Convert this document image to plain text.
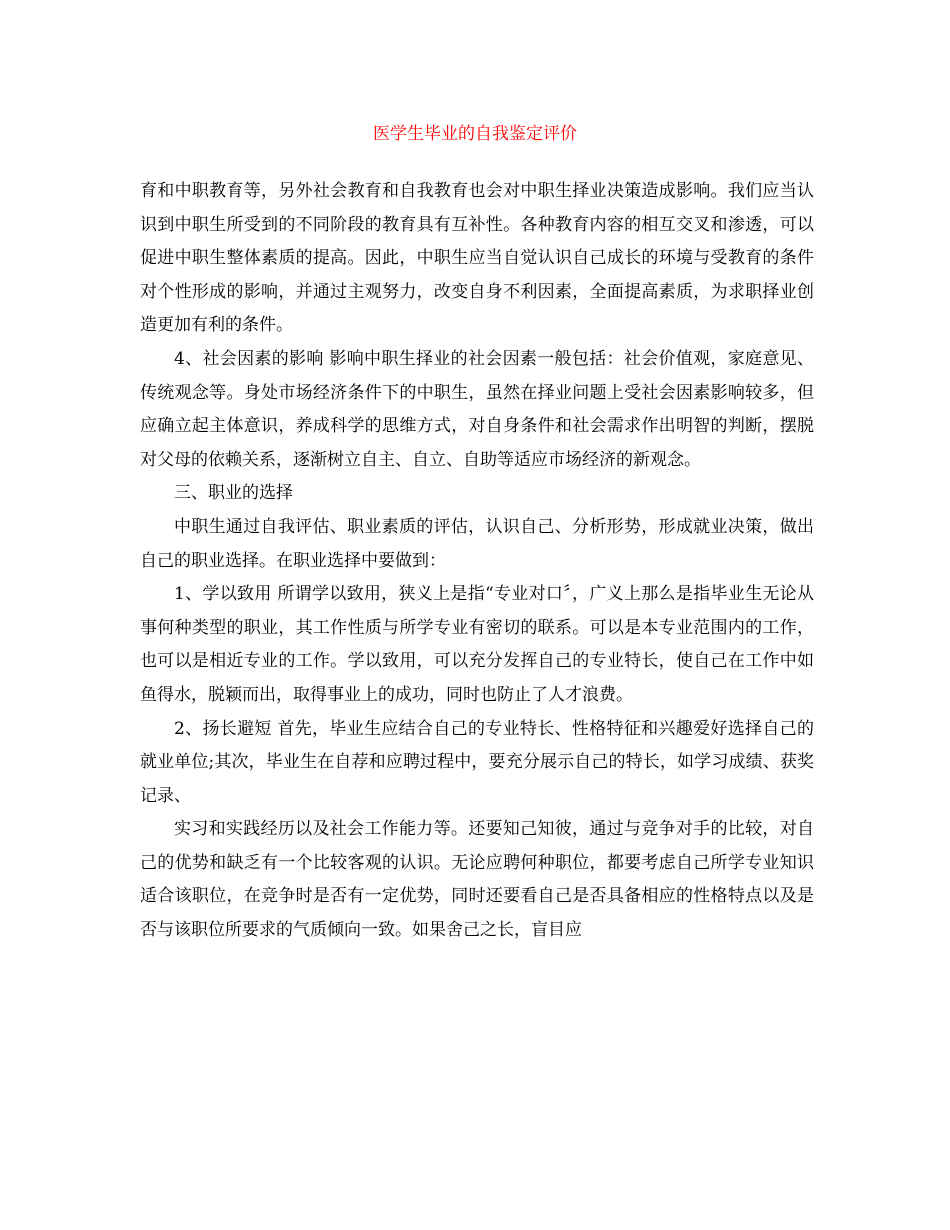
医学生毕业的自我鉴定评价

育和中职教育等，另外社会教育和自我教育也会对中职生择业决策造成影响。我们应当认识到中职生所受到的不同阶段的教育具有互补性。各种教育内容的相互交叉和渗透，可以促进中职生整体素质的提高。因此，中职生应当自觉认识自己成长的环境与受教育的条件对个性形成的影响，并通过主观努力，改变自身不利因素，全面提高素质，为求职择业创造更加有利的条件。

4、社会因素的影响 影响中职生择业的社会因素一般包括：社会价值观，家庭意见、传统观念等。身处市场经济条件下的中职生，虽然在择业问题上受社会因素影响较多，但应确立起主体意识，养成科学的思维方式，对自身条件和社会需求作出明智的判断，摆脱对父母的依赖关系，逐渐树立自主、自立、自助等适应市场经济的新观念。

三、职业的选择

中职生通过自我评估、职业素质的评估，认识自己、分析形势，形成就业决策，做出自己的职业选择。在职业选择中要做到：

1、学以致用 所谓学以致用，狭义上是指“专业对口〞，广义上那么是指毕业生无论从事何种类型的职业，其工作性质与所学专业有密切的联系。可以是本专业范围内的工作，也可以是相近专业的工作。学以致用，可以充分发挥自己的专业特长，使自己在工作中如鱼得水，脱颖而出，取得事业上的成功，同时也防止了人才浪费。

2、扬长避短 首先，毕业生应结合自己的专业特长、性格特征和兴趣爱好选择自己的就业单位;其次，毕业生在自荐和应聘过程中，要充分展示自己的特长，如学习成绩、获奖记录、

实习和实践经历以及社会工作能力等。还要知己知彼，通过与竞争对手的比较，对自己的优势和缺乏有一个比较客观的认识。无论应聘何种职位，都要考虑自己所学专业知识适合该职位，在竞争时是否有一定优势，同时还要看自己是否具备相应的性格特点以及是否与该职位所要求的气质倾向一致。如果舍己之长，盲目应
